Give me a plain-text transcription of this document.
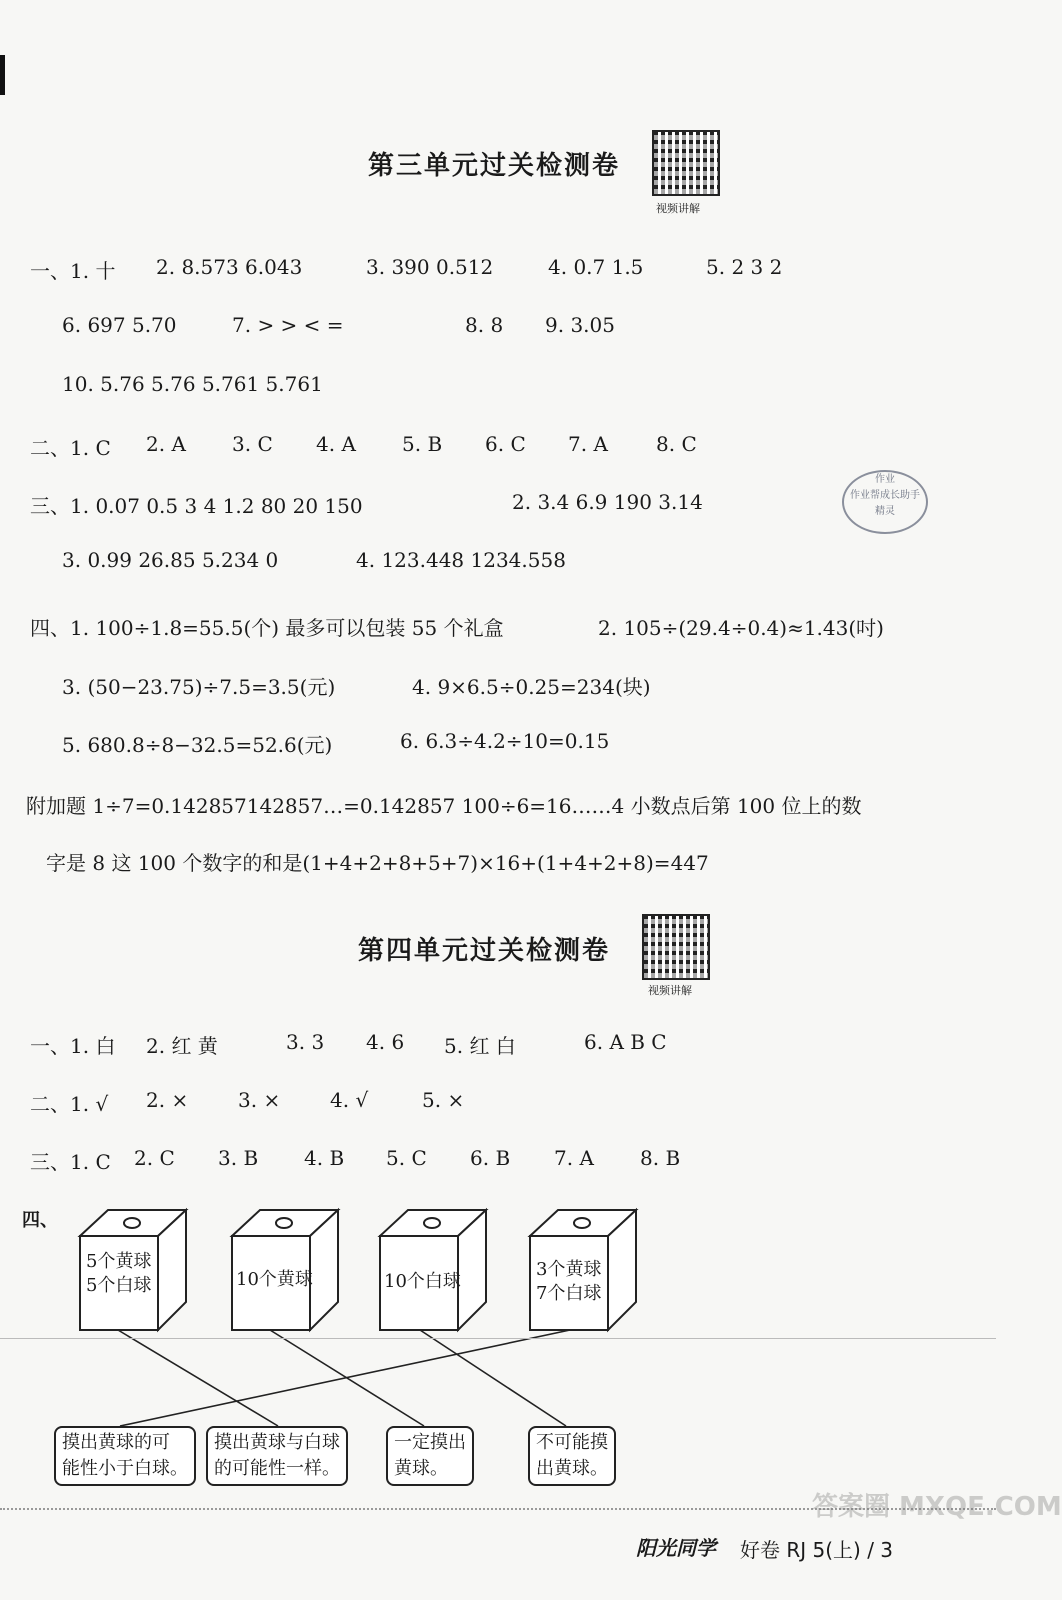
第三单元过关检测卷
视频讲解
一、1. 十 2. 8.573 6.043	3. 390 0.512	4. 0.7 1.5	5. 2 3 2
6. 697 5.70	7. > > < =	8. 8 9. 3.05
10. 5.76 5.76 5.761 5.761
二、1. C 2. A 3. C 4. A 5. B 6. C 7. A 8. C
三、1. 0.07 0.5 3 4 1.2 80 20 150	2. 3.4 6.9 190 3.14
3. 0.99 26.85 5.234 0	4. 123.448 1234.558
四、1. 100÷1.8=55.5(个) 最多可以包装 55 个礼盒	2. 105÷(29.4÷0.4)≈1.43(吋)
3. (50−23.75)÷7.5=3.5(元)	4. 9×6.5÷0.25=234(块)
5. 680.8÷8−32.5=52.6(元)	6. 6.3÷4.2÷10=0.15
附加题 1÷7=0.142857142857…=0.142857 100÷6=16……4 小数点后第 100 位上的数
字是 8 这 100 个数字的和是(1+4+2+8+5+7)×16+(1+4+2+8)=447
作业
作业帮成长助手
精灵
第四单元过关检测卷
视频讲解
一、1. 白 2. 红 黄	3. 3 4. 6 5. 红 白	6. A B C
二、1. √ 2. × 3. × 4. √	5. ×
三、1. C 2. C 3. B 4. B 5. C 6. B 7. A 8. B
四、
5个黄球
5个白球	10个黄球	10个白球
3个黄球
7个白球
摸出黄球的可
能性小于白球。
摸出黄球与白球
的可能性一样。
一定摸出
黄球。
不可能摸
出黄球。
阳光同学 好卷 RJ 5(上) / 3
答案圈 MXQE.COM
